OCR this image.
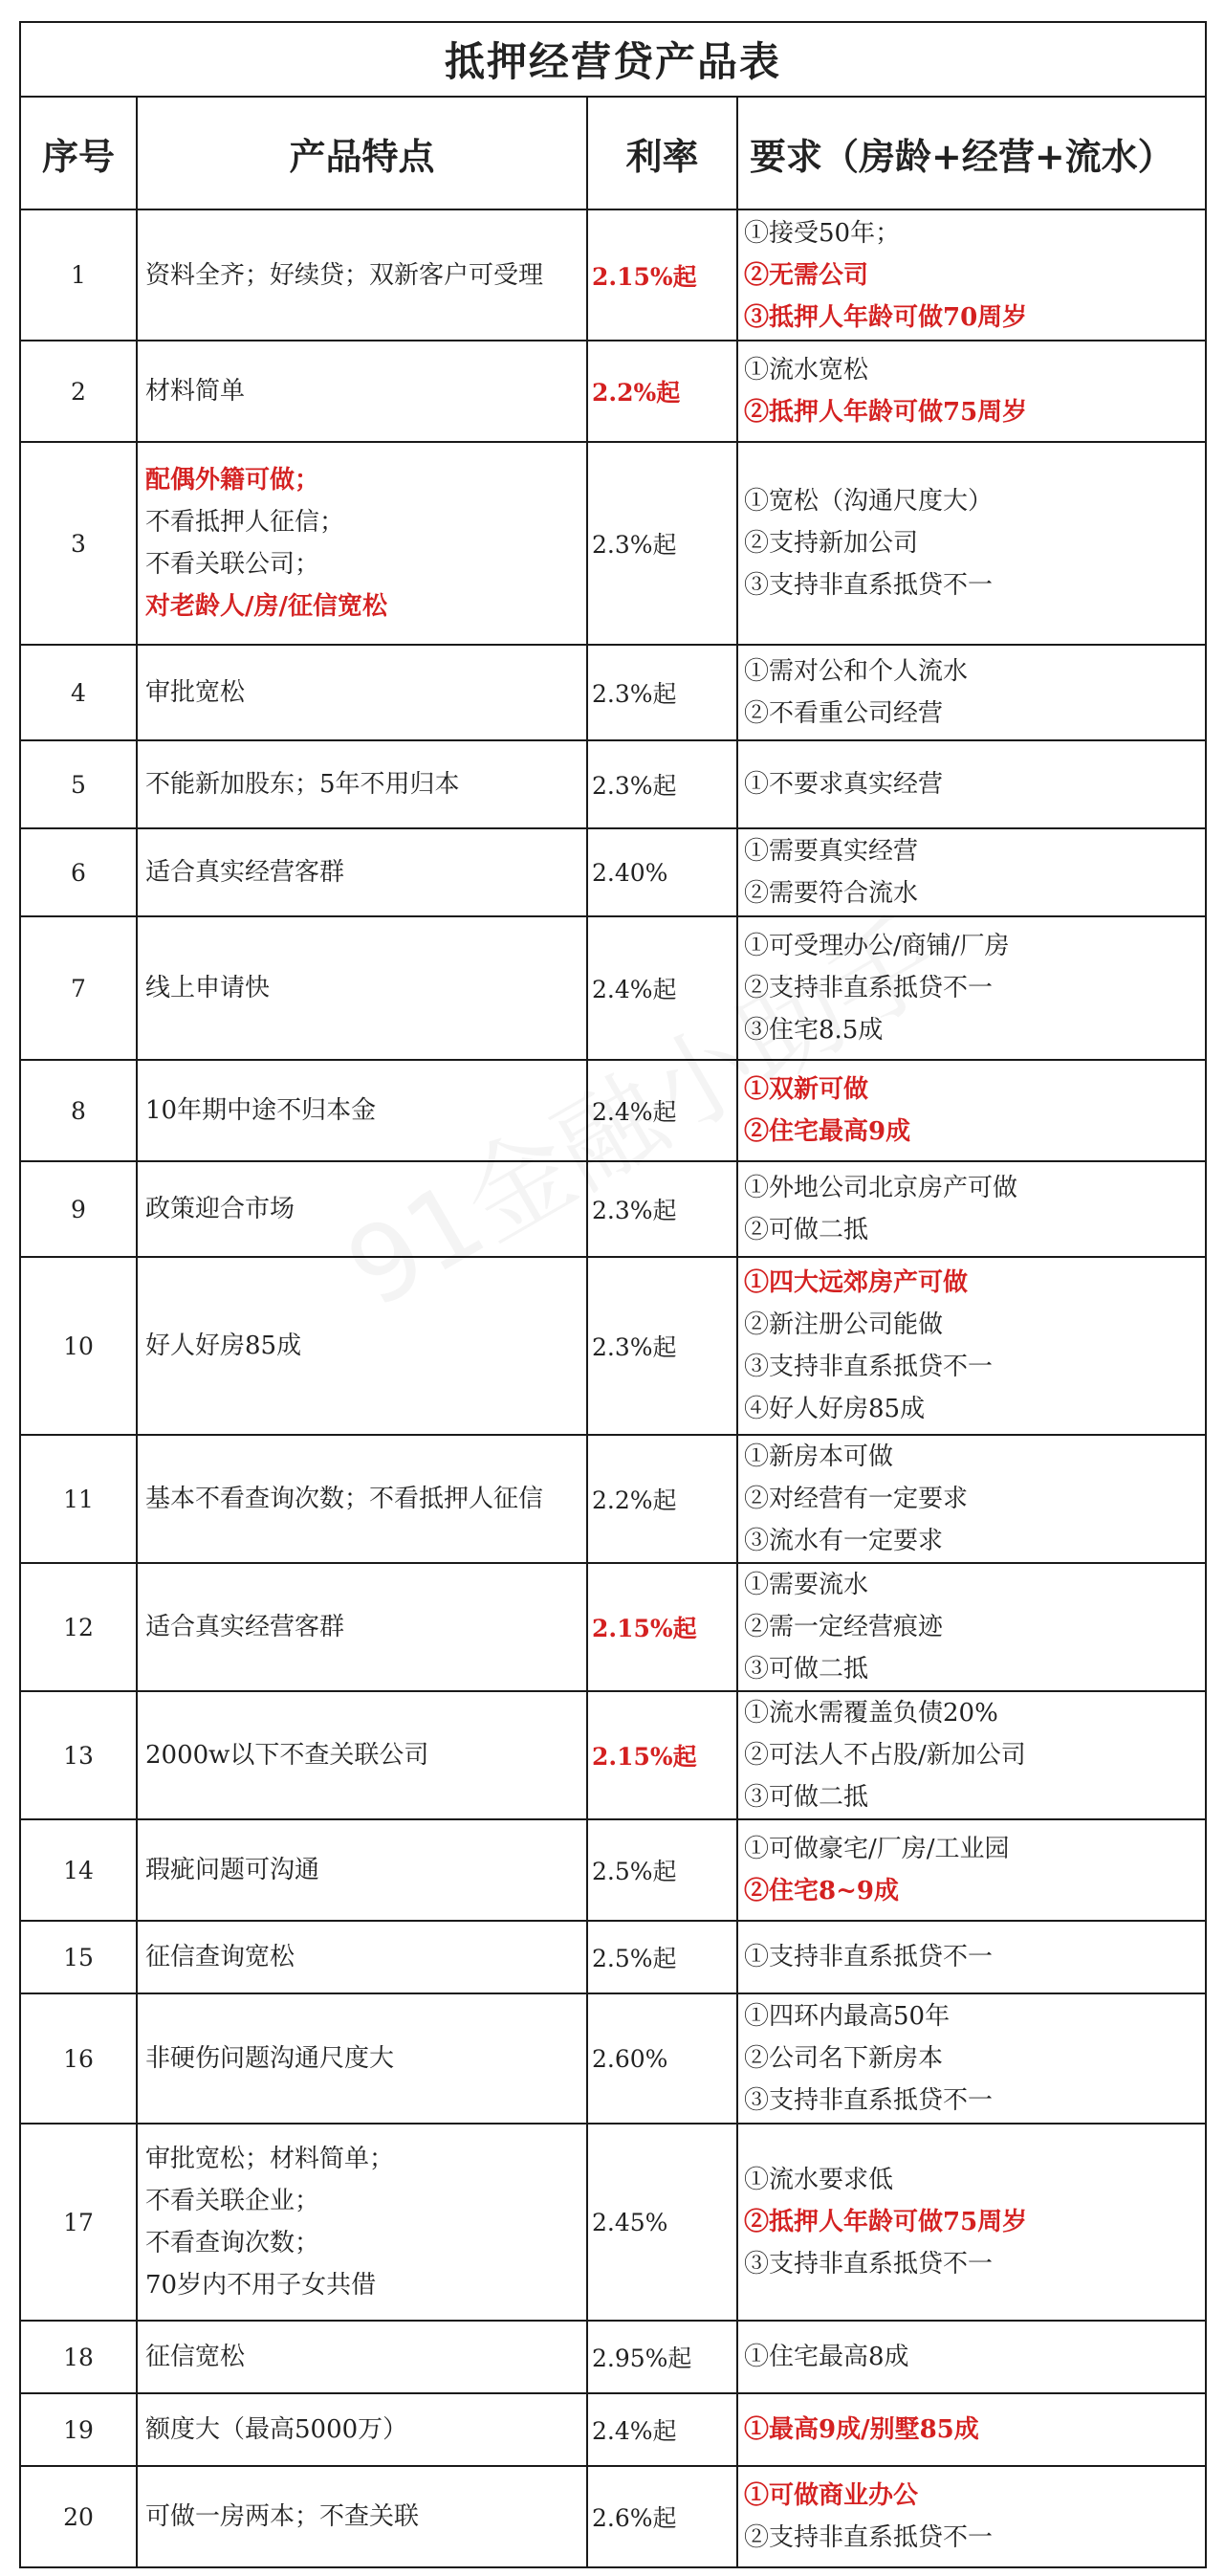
抵押经营贷产品表			
序号	产品特点	利率	要求（房龄+经营+流水）
1	资料全齐；好续贷；双新客户可受理	2.15%起	①接受50年；
②无需公司
③抵押人年龄可做70周岁

2	材料简单	2.2%起	①流水宽松
②抵押人年龄可做75周岁

3	配偶外籍可做；
不看抵押人征信；
不看关联公司；
对老龄人/房/征信宽松	2.3%起	①宽松（沟通尺度大）
②支持新加公司
③支持非直系抵贷不一

4	审批宽松	2.3%起	①需对公和个人流水
②不看重公司经营

5	不能新加股东；5年不用归本	2.3%起	①不要求真实经营

6	适合真实经营客群	2.40%	①需要真实经营
②需要符合流水

7	线上申请快	2.4%起	①可受理办公/商铺/厂房
②支持非直系抵贷不一
③住宅8.5成

8	10年期中途不归本金	2.4%起	①双新可做
②住宅最高9成

9	政策迎合市场	2.3%起	①外地公司北京房产可做
②可做二抵

10	好人好房85成	2.3%起	①四大远郊房产可做
②新注册公司能做
③支持非直系抵贷不一
④好人好房85成

11	基本不看查询次数；不看抵押人征信	2.2%起	①新房本可做
②对经营有一定要求
③流水有一定要求

12	适合真实经营客群	2.15%起	①需要流水
②需一定经营痕迹
③可做二抵

13	2000w以下不查关联公司	2.15%起	①流水需覆盖负债20%
②可法人不占股/新加公司
③可做二抵

14	瑕疵问题可沟通	2.5%起	①可做豪宅/厂房/工业园
②住宅8~9成

15	征信查询宽松	2.5%起	①支持非直系抵贷不一

16	非硬伤问题沟通尺度大	2.60%	①四环内最高50年
②公司名下新房本
③支持非直系抵贷不一

17	审批宽松；材料简单；
不看关联企业；
不看查询次数；
70岁内不用子女共借	2.45%	①流水要求低
②抵押人年龄可做75周岁
③支持非直系抵贷不一

18	征信宽松	2.95%起	①住宅最高8成

19	额度大（最高5000万）	2.4%起	①最高9成/别墅85成

20	可做一房两本；不查关联	2.6%起	①可做商业办公
②支持非直系抵贷不一
